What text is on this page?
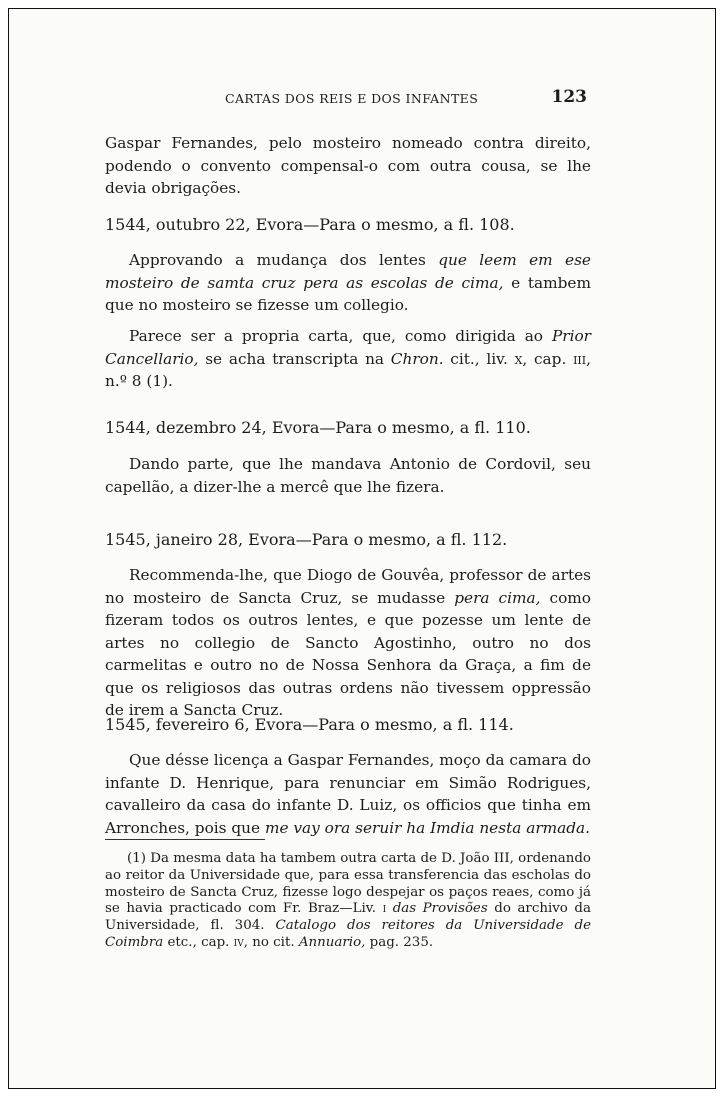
CARTAS DOS REIS E DOS INFANTES	123

Gaspar Fernandes, pelo mosteiro nomeado contra direito, podendo o convento compensal-o com outra cousa, se lhe devia obrigações.

1544, outubro 22, Evora—Para o mesmo, a fl. 108.

Approvando a mudança dos lentes que leem em ese mosteiro de samta cruz pera as escolas de cima, e tambem que no mosteiro se fizesse um collegio.

Parece ser a propria carta, que, como dirigida ao Prior Cancellario, se acha transcripta na Chron. cit., liv. x, cap. iii, n.º 8 (1).

1544, dezembro 24, Evora—Para o mesmo, a fl. 110.

Dando parte, que lhe mandava Antonio de Cordovil, seu capellão, a dizer-lhe a mercê que lhe fizera.

1545, janeiro 28, Evora—Para o mesmo, a fl. 112.

Recommenda-lhe, que Diogo de Gouvêa, professor de artes no mosteiro de Sancta Cruz, se mudasse pera cima, como fizeram todos os outros lentes, e que pozesse um lente de artes no collegio de Sancto Agostinho, outro no dos carmelitas e outro no de Nossa Senhora da Graça, a fim de que os religiosos das outras ordens não tivessem oppressão de irem a Sancta Cruz.

1545, fevereiro 6, Evora—Para o mesmo, a fl. 114.

Que désse licença a Gaspar Fernandes, moço da camara do infante D. Henrique, para renunciar em Simão Rodrigues, cavalleiro da casa do infante D. Luiz, os officios que tinha em Arronches, pois que me vay ora seruir ha Imdia nesta armada.

(1) Da mesma data ha tambem outra carta de D. João III, ordenando ao reitor da Universidade que, para essa transferencia das escholas do mosteiro de Sancta Cruz, fizesse logo despejar os paços reaes, como já se havia practicado com Fr. Braz—Liv. i das Provisões do archivo da Universidade, fl. 304. Catalogo dos reitores da Universidade de Coimbra etc., cap. iv, no cit. Annuario, pag. 235.
